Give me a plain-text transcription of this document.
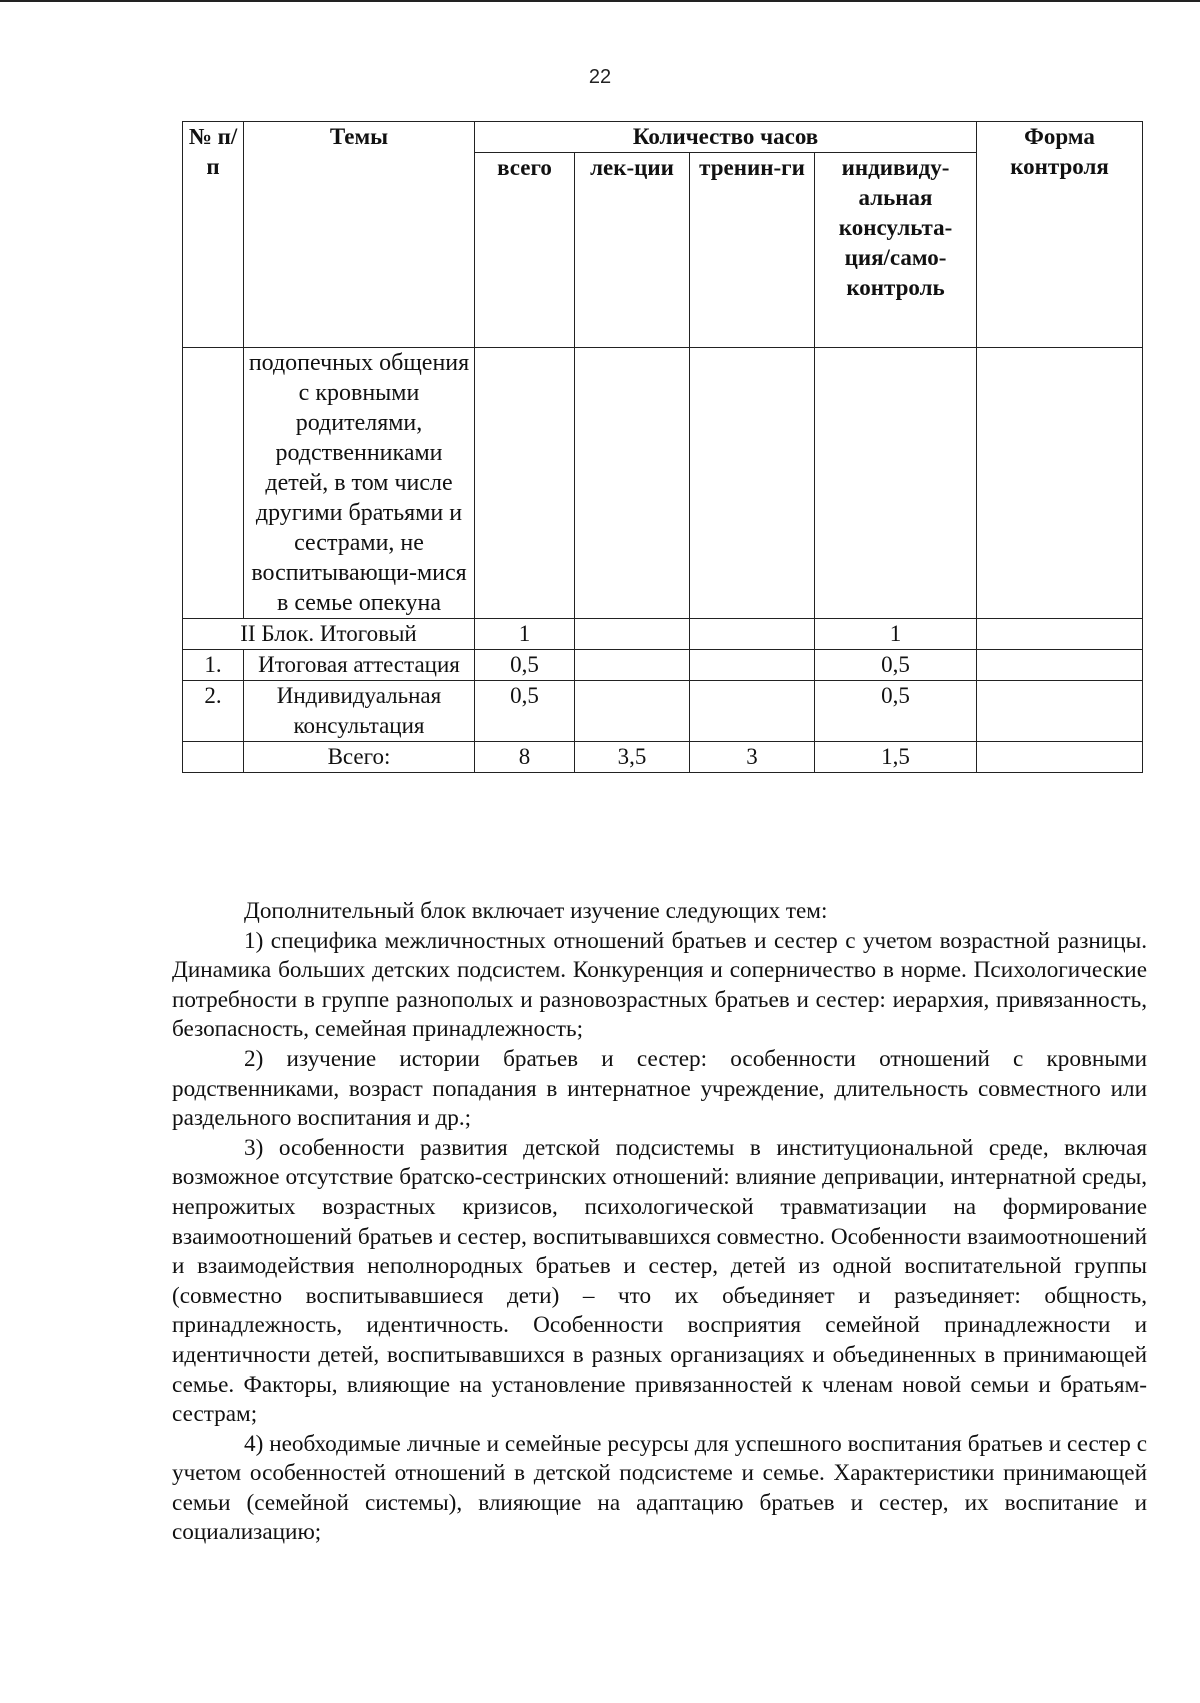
22
№ п/п	Темы	Количество часов				Форма контроля
		всего	лек-ции	тренин-ги	индивиду-альная консульта-ция/само-контроль	
	подопечных общения с кровными родителями, родственниками детей, в том числе другими братьями и сестрами, не воспитывающи-мися в семье опекуна					
II Блок. Итоговый		1			1	
1.	Итоговая аттестация	0,5			0,5	
2.	Индивидуальная консультация	0,5			0,5	
	Всего:	8	3,5	3	1,5	

Дополнительный блок включает изучение следующих тем:

1) специфика межличностных отношений братьев и сестер с учетом возрастной разницы. Динамика больших детских подсистем. Конкуренция и соперничество в норме. Психологические потребности в группе разнополых и разновозрастных братьев и сестер: иерархия, привязанность, безопасность, семейная принадлежность;

2) изучение истории братьев и сестер: особенности отношений с кровными родственниками, возраст попадания в интернатное учреждение, длительность совместного или раздельного воспитания и др.;

3) особенности развития детской подсистемы в институциональной среде, включая возможное отсутствие братско-сестринских отношений: влияние депривации, интернатной среды, непрожитых возрастных кризисов, психологической травматизации на формирование взаимоотношений братьев и сестер, воспитывавшихся совместно. Особенности взаимоотношений и взаимодействия неполнородных братьев и сестер, детей из одной воспитательной группы (совместно воспитывавшиеся дети) – что их объединяет и разъединяет: общность, принадлежность, идентичность. Особенности восприятия семейной принадлежности и идентичности детей, воспитывавшихся в разных организациях и объединенных в принимающей семье. Факторы, влияющие на установление привязанностей к членам новой семьи и братьям-сестрам;

4) необходимые личные и семейные ресурсы для успешного воспитания братьев и сестер с учетом особенностей отношений в детской подсистеме и семье. Характеристики принимающей семьи (семейной системы), влияющие на адаптацию братьев и сестер, их воспитание и социализацию;
